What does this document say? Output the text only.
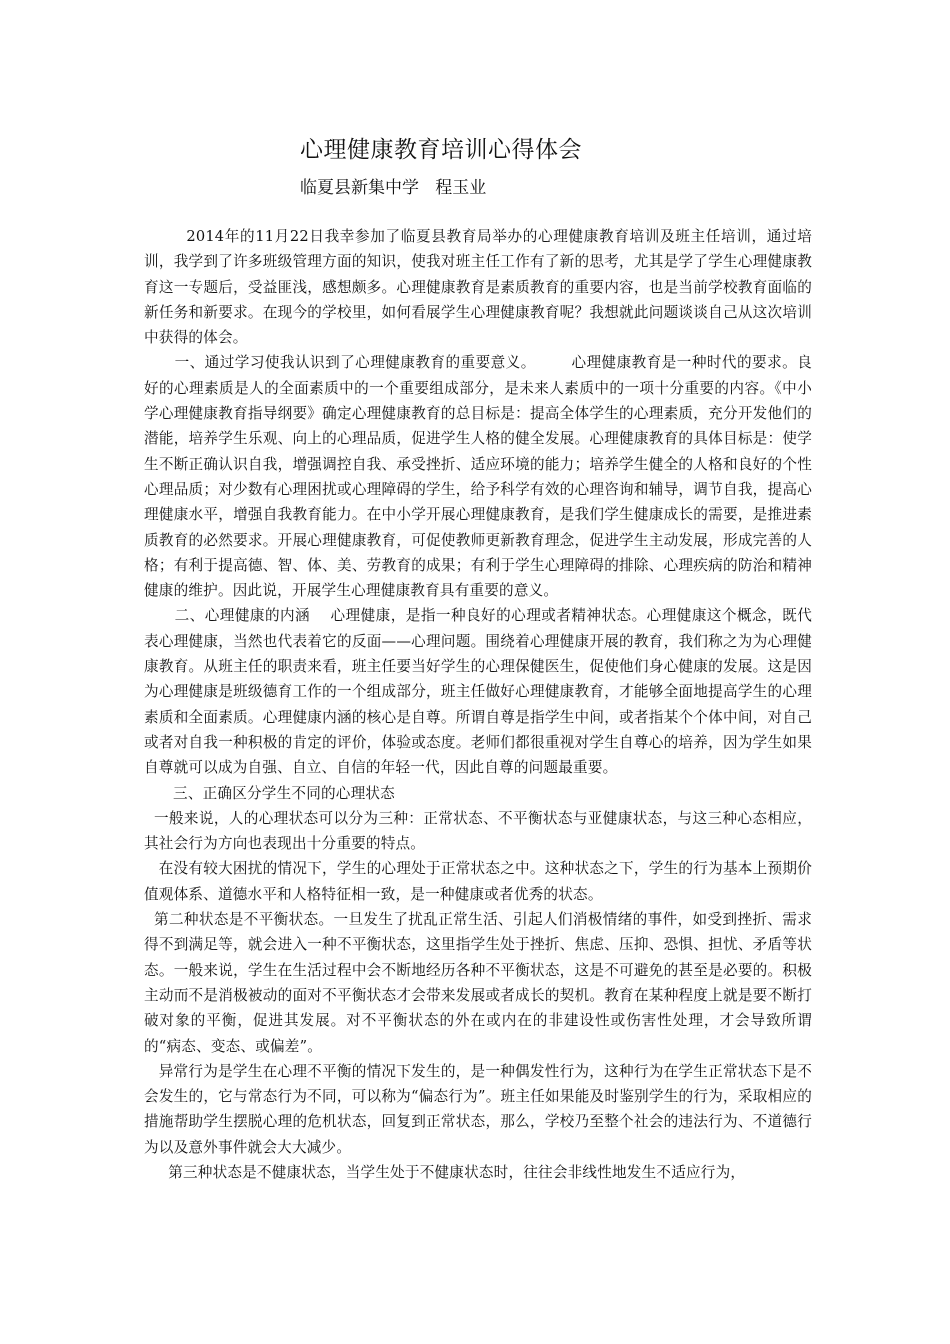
心理健康教育培训心得体会
临夏县新集中学   程玉业

2014年的11月22日我幸参加了临夏县教育局举办的心理健康教育培训及班主任培训，通过培训，我学到了许多班级管理方面的知识，使我对班主任工作有了新的思考，尤其是学了学生心理健康教育这一专题后，受益匪浅，感想颇多。心理健康教育是素质教育的重要内容，也是当前学校教育面临的新任务和新要求。在现今的学校里，如何看展学生心理健康教育呢？我想就此问题谈谈自己从这次培训中获得的体会。

一、通过学习使我认识到了心理健康教育的重要意义。       心理健康教育是一种时代的要求。良好的心理素质是人的全面素质中的一个重要组成部分，是未来人素质中的一项十分重要的内容。《中小学心理健康教育指导纲要》确定心理健康教育的总目标是：提高全体学生的心理素质，充分开发他们的潜能，培养学生乐观、向上的心理品质，促进学生人格的健全发展。心理健康教育的具体目标是：使学生不断正确认识自我，增强调控自我、承受挫折、适应环境的能力；培养学生健全的人格和良好的个性心理品质；对少数有心理困扰或心理障碍的学生，给予科学有效的心理咨询和辅导，调节自我，提高心理健康水平，增强自我教育能力。在中小学开展心理健康教育，是我们学生健康成长的需要，是推进素质教育的必然要求。开展心理健康教育，可促使教师更新教育理念，促进学生主动发展，形成完善的人格；有利于提高德、智、体、美、劳教育的成果；有利于学生心理障碍的排除、心理疾病的防治和精神健康的维护。因此说，开展学生心理健康教育具有重要的意义。

二、心理健康的内涵    心理健康，是指一种良好的心理或者精神状态。心理健康这个概念，既代表心理健康，当然也代表着它的反面——心理问题。围绕着心理健康开展的教育，我们称之为为心理健康教育。从班主任的职责来看，班主任要当好学生的心理保健医生，促使他们身心健康的发展。这是因为心理健康是班级德育工作的一个组成部分，班主任做好心理健康教育，才能够全面地提高学生的心理素质和全面素质。心理健康内涵的核心是自尊。所谓自尊是指学生中间，或者指某个个体中间，对自己或者对自我一种积极的肯定的评价，体验或态度。老师们都很重视对学生自尊心的培养，因为学生如果自尊就可以成为自强、自立、自信的年轻一代，因此自尊的问题最重要。

三、正确区分学生不同的心理状态

一般来说，人的心理状态可以分为三种：正常状态、不平衡状态与亚健康状态，与这三种心态相应，其社会行为方向也表现出十分重要的特点。

在没有较大困扰的情况下，学生的心理处于正常状态之中。这种状态之下，学生的行为基本上预期价值观体系、道德水平和人格特征相一致，是一种健康或者优秀的状态。

第二种状态是不平衡状态。一旦发生了扰乱正常生活、引起人们消极情绪的事件，如受到挫折、需求得不到满足等，就会进入一种不平衡状态，这里指学生处于挫折、焦虑、压抑、恐惧、担忧、矛盾等状态。一般来说，学生在生活过程中会不断地经历各种不平衡状态，这是不可避免的甚至是必要的。积极主动而不是消极被动的面对不平衡状态才会带来发展或者成长的契机。教育在某种程度上就是要不断打破对象的平衡，促进其发展。对不平衡状态的外在或内在的非建设性或伤害性处理，才会导致所谓的“病态、变态、或偏差”。

异常行为是学生在心理不平衡的情况下发生的，是一种偶发性行为，这种行为在学生正常状态下是不会发生的，它与常态行为不同，可以称为“偏态行为”。班主任如果能及时鉴别学生的行为，采取相应的措施帮助学生摆脱心理的危机状态，回复到正常状态，那么，学校乃至整个社会的违法行为、不道德行为以及意外事件就会大大减少。

第三种状态是不健康状态，当学生处于不健康状态时，往往会非线性地发生不适应行为，
